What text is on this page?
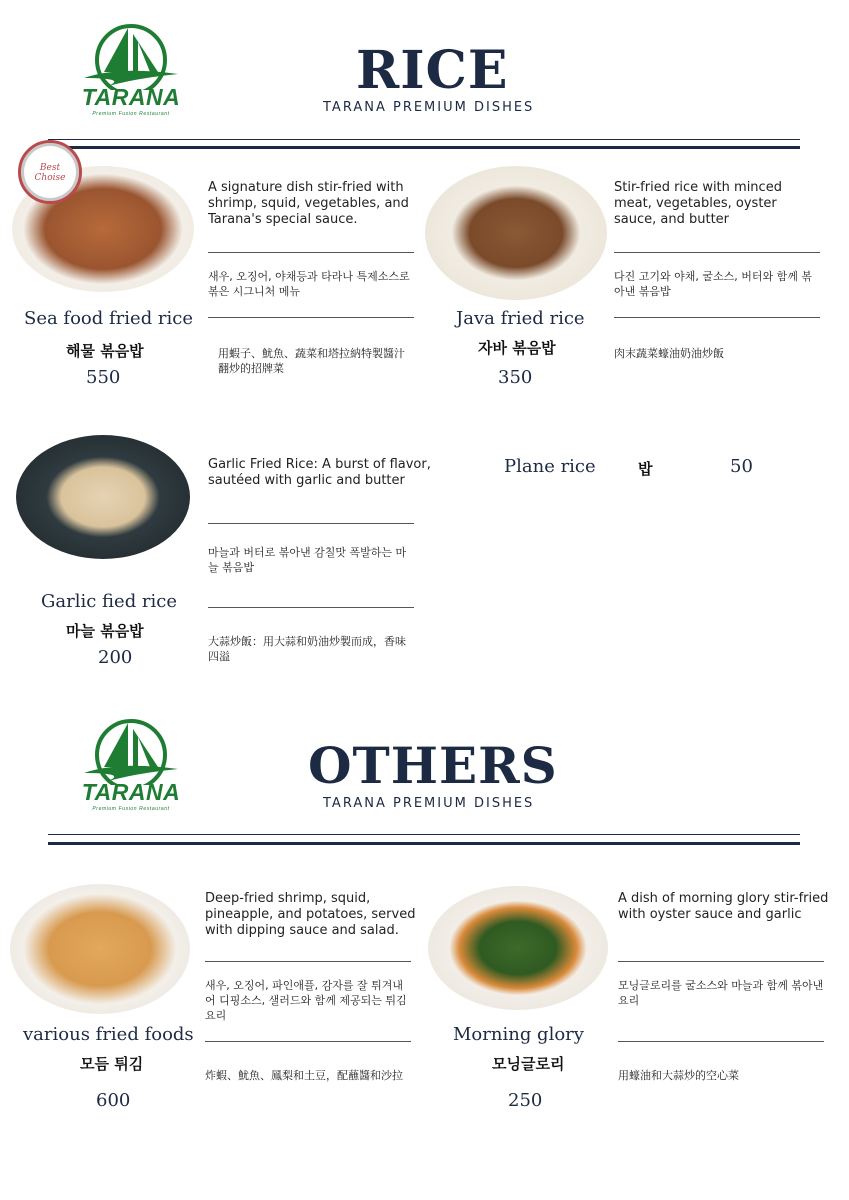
TARANA
Premium Fusion Restaurant
RICE
TARANA PREMIUM DISHES
Best
Choise
Sea food fried rice
해물 볶음밥
550
A signature dish stir-fried with shrimp, squid, vegetables, and Tarana's special sauce.
새우, 오징어, 야채등과 타라나 특제소스로 볶은 시그니처 메뉴
用蝦子、魷魚、蔬菜和塔拉納特製醬汁翻炒的招牌菜
Java fried rice
자바 볶음밥
350
Stir-fried rice with minced meat, vegetables, oyster sauce, and butter
다진 고기와 야채, 굴소스, 버터와 함께 볶아낸 볶음밥
肉末蔬菜蠔油奶油炒飯
Garlic fied rice
마늘 볶음밥
200
Garlic Fried Rice: A burst of flavor, sautéed with garlic and butter
마늘과 버터로 볶아낸 감칠맛 폭발하는 마늘 볶음밥
大蒜炒飯：用大蒜和奶油炒製而成，香味四溢
Plane rice	밥	50
TARANA
Premium Fusion Restaurant
OTHERS
TARANA PREMIUM DISHES
various fried foods
모듬 튀김
600
Deep-fried shrimp, squid, pineapple, and potatoes, served with dipping sauce and salad.
새우, 오징어, 파인애플, 감자를 잘 튀겨내어 디핑소스, 샐러드와 함께 제공되는 튀김요리
炸蝦、魷魚、鳳梨和土豆，配蘸醬和沙拉
Morning glory
모닝글로리
250
A dish of morning glory stir-fried with oyster sauce and garlic
모닝글로리를 굴소스와 마늘과 함께 볶아낸 요리
用蠔油和大蒜炒的空心菜
